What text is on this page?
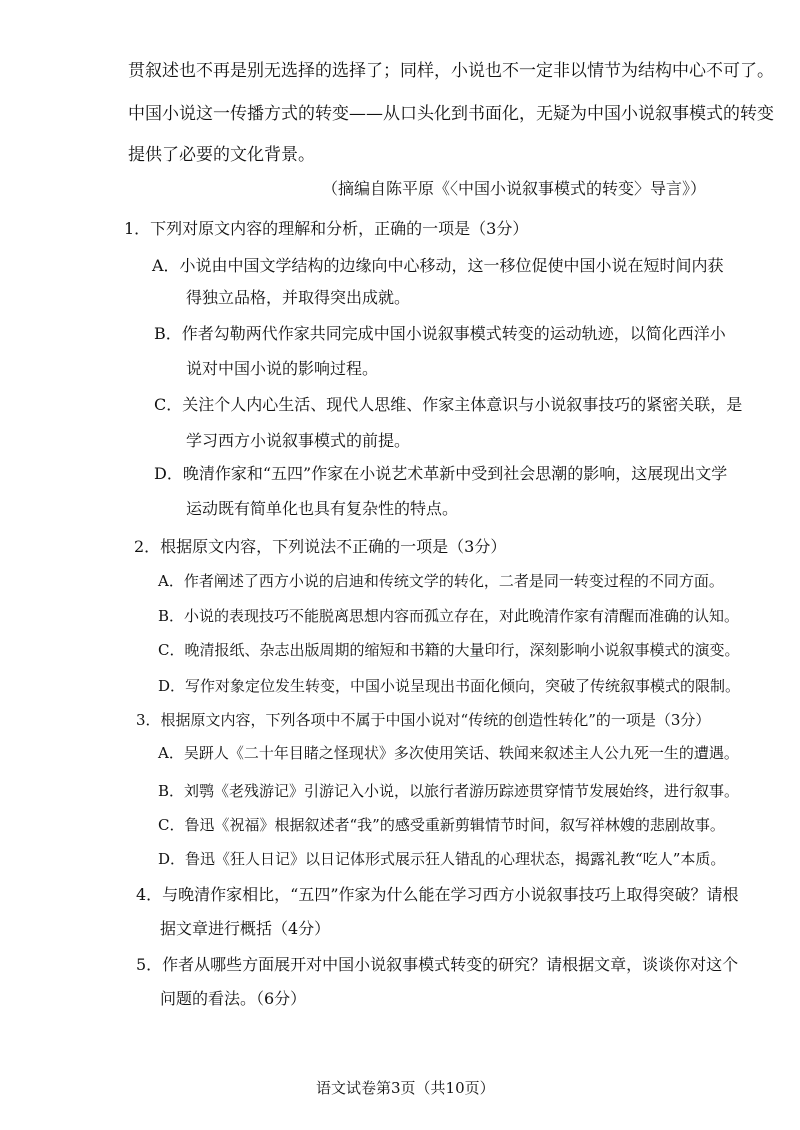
贯叙述也不再是别无选择的选择了；同样，小说也不一定非以情节为结构中心不可了。
中国小说这一传播方式的转变——从口头化到书面化，无疑为中国小说叙事模式的转变
提供了必要的文化背景。
（摘编自陈平原《〈中国小说叙事模式的转变〉导言》）
1．下列对原文内容的理解和分析，正确的一项是（3分）
A．小说由中国文学结构的边缘向中心移动，这一移位促使中国小说在短时间内获
得独立品格，并取得突出成就。
B．作者勾勒两代作家共同完成中国小说叙事模式转变的运动轨迹，以简化西洋小
说对中国小说的影响过程。
C．关注个人内心生活、现代人思维、作家主体意识与小说叙事技巧的紧密关联，是
学习西方小说叙事模式的前提。
D．晚清作家和“五四”作家在小说艺术革新中受到社会思潮的影响，这展现出文学
运动既有简单化也具有复杂性的特点。
2．根据原文内容，下列说法不正确的一项是（3分）
A．作者阐述了西方小说的启迪和传统文学的转化，二者是同一转变过程的不同方面。
B．小说的表现技巧不能脱离思想内容而孤立存在，对此晚清作家有清醒而准确的认知。
C．晚清报纸、杂志出版周期的缩短和书籍的大量印行，深刻影响小说叙事模式的演变。
D．写作对象定位发生转变，中国小说呈现出书面化倾向，突破了传统叙事模式的限制。
3．根据原文内容，下列各项中不属于中国小说对“传统的创造性转化”的一项是（3分）
A．吴趼人《二十年目睹之怪现状》多次使用笑话、轶闻来叙述主人公九死一生的遭遇。
B．刘鹗《老残游记》引游记入小说，以旅行者游历踪迹贯穿情节发展始终，进行叙事。
C．鲁迅《祝福》根据叙述者“我”的感受重新剪辑情节时间，叙写祥林嫂的悲剧故事。
D．鲁迅《狂人日记》以日记体形式展示狂人错乱的心理状态，揭露礼教“吃人”本质。
4．与晚清作家相比，“五四”作家为什么能在学习西方小说叙事技巧上取得突破？请根
据文章进行概括（4分）
5．作者从哪些方面展开对中国小说叙事模式转变的研究？请根据文章，谈谈你对这个
问题的看法。（6分）
语文试卷第3页（共10页）
